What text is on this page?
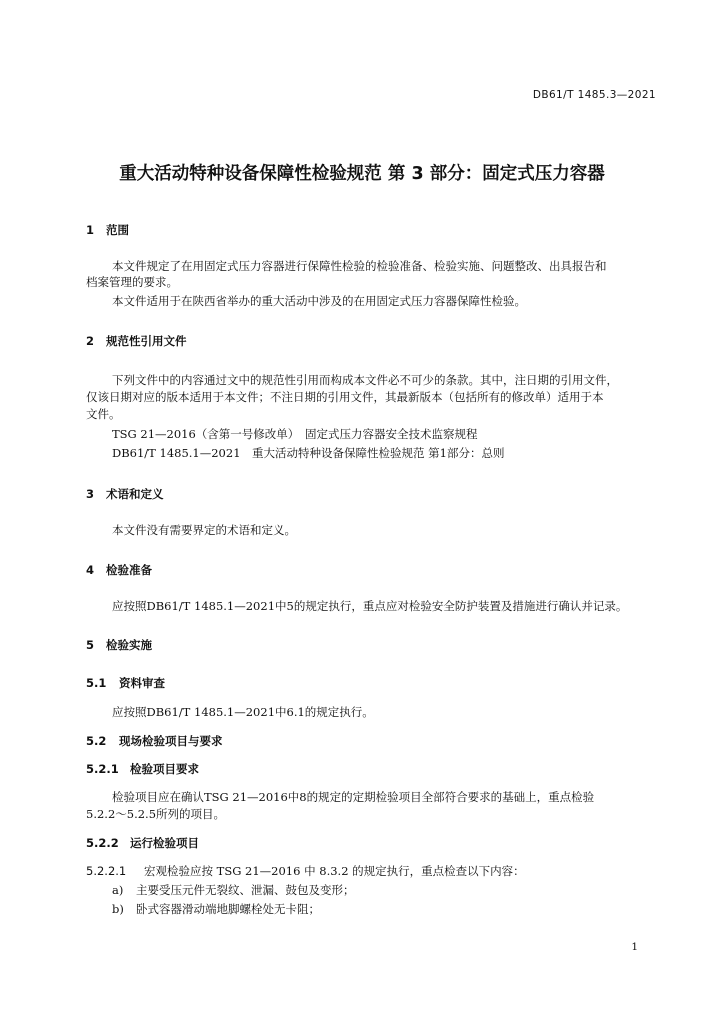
DB61/T 1485.3—2021
重大活动特种设备保障性检验规范 第 3 部分：固定式压力容器
1 范围
本文件规定了在用固定式压力容器进行保障性检验的检验准备、检验实施、问题整改、出具报告和
档案管理的要求。
本文件适用于在陕西省举办的重大活动中涉及的在用固定式压力容器保障性检验。
2 规范性引用文件
下列文件中的内容通过文中的规范性引用而构成本文件必不可少的条款。其中，注日期的引用文件，
仅该日期对应的版本适用于本文件；不注日期的引用文件，其最新版本（包括所有的修改单）适用于本
文件。
TSG 21—2016（含第一号修改单）　固定式压力容器安全技术监察规程
DB61/T 1485.1—2021　重大活动特种设备保障性检验规范 第1部分：总则
3 术语和定义
本文件没有需要界定的术语和定义。
4 检验准备
应按照DB61/T 1485.1—2021中5的规定执行，重点应对检验安全防护装置及措施进行确认并记录。
5 检验实施
5.1 资料审查
应按照DB61/T 1485.1—2021中6.1的规定执行。
5.2 现场检验项目与要求
5.2.1 检验项目要求
检验项目应在确认TSG 21—2016中8的规定的定期检验项目全部符合要求的基础上，重点检验
5.2.2～5.2.5所列的项目。
5.2.2 运行检验项目
5.2.2.1 宏观检验应按 TSG 21—2016 中 8.3.2 的规定执行，重点检查以下内容：
a) 主要受压元件无裂纹、泄漏、鼓包及变形；
b) 卧式容器滑动端地脚螺栓处无卡阻；
1
